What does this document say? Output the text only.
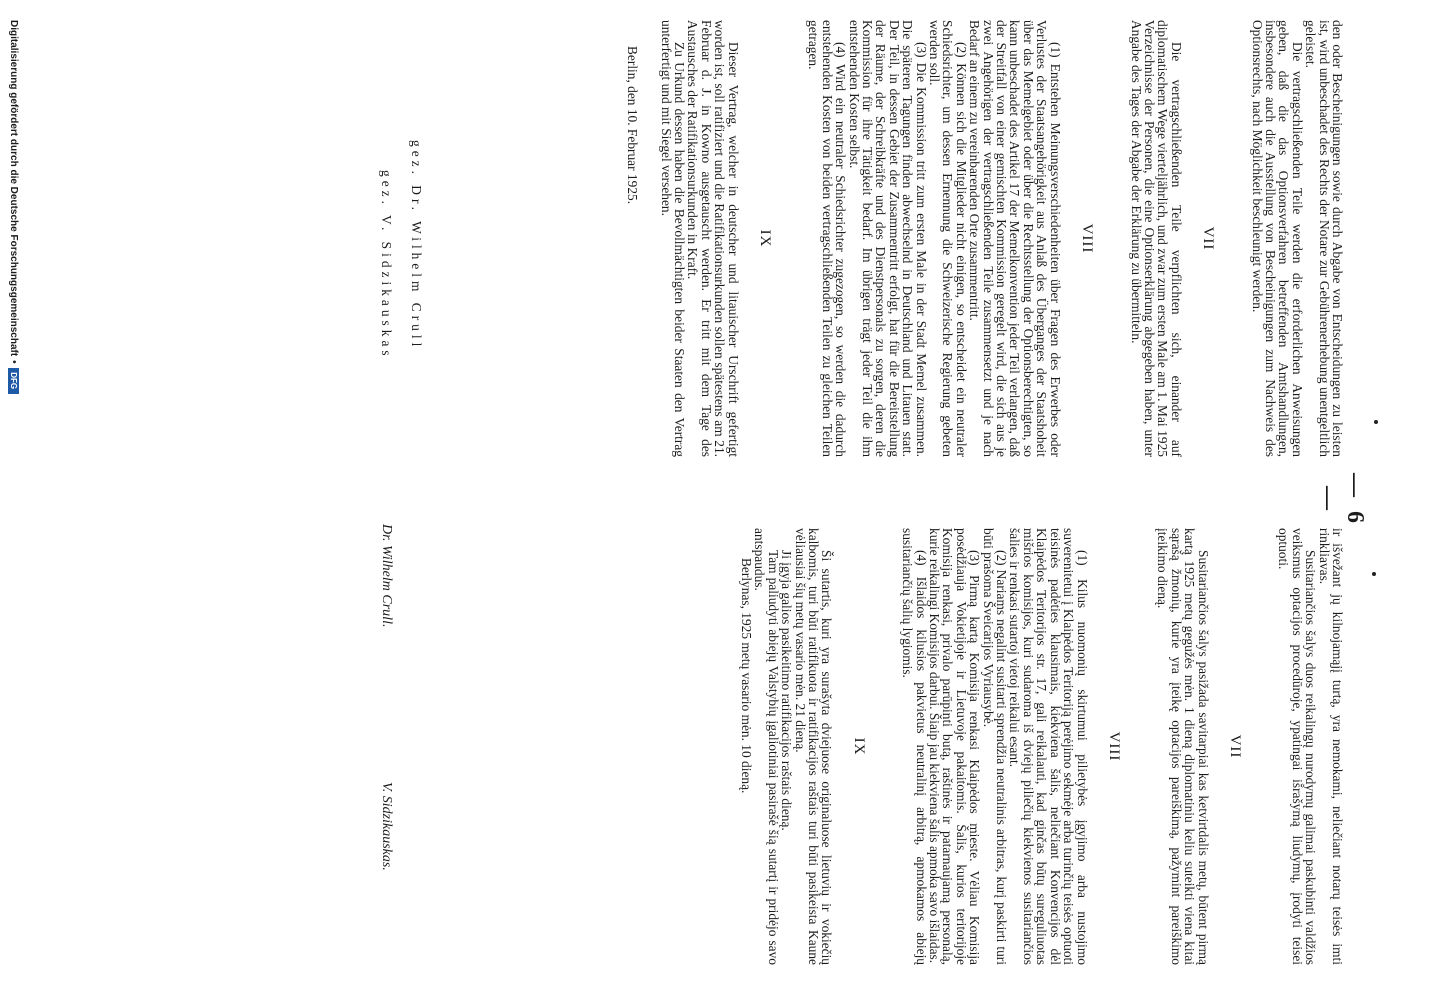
— 6 —

den oder Bescheinigungen sowie durch Abgabe von Entscheidungen zu leisten ist, wird unbeschadet des Rechts der Notare zur Gebührenerhebung unentgeltlich geleistet.

Die vertragschließenden Teile werden die erforderlichen Anweisungen geben, daß die das Optionsverfahren betreffenden Amtshandlungen, insbesondere auch die Ausstellung von Bescheinigungen zum Nachweis des Optionsrechts, nach Möglichkeit beschleunigt werden.

VII

Die vertragschließenden Teile verpflichten sich, einander auf diplomatischem Wege vierteljährlich, und zwar zum ersten Male am 1. Mai 1925 Verzeichnisse der Personen, die eine Optionserklärung abgegeben haben, unter Angabe des Tages der Abgabe der Erklärung zu übermitteln.

VIII

(1) Entstehen Meinungsverschiedenheiten über Fragen des Erwerbes oder Verlustes der Staatsangehörigkeit aus Anlaß des Überganges der Staatshoheit über das Memelgebiet oder über die Rechtsstellung der Optionsberechtigten, so kann unbeschadet des Artikel 17 der Memelkonvention jeder Teil verlangen, daß der Streitfall von einer gemischten Kommission geregelt wird, die sich aus je zwei Angehörigen der vertragschließenden Teile zusammensetzt und je nach Bedarf an einem zu vereinbarenden Orte zusammentritt.

(2) Können sich die Mitglieder nicht einigen, so entscheidet ein neutraler Schiedsrichter, um dessen Ernennung die Schweizerische Regierung gebeten werden soll.

(3) Die Kommission tritt zum ersten Male in der Stadt Memel zusammen. Die späteren Tagungen finden abwechselnd in Deutschland und Litauen statt. Der Teil, in dessen Gebiet der Zusammentritt erfolgt, hat für die Bereitstellung der Räume, der Schreibkräfte und des Dienstpersonals zu sorgen, deren die Kommission für ihre Tätigkeit bedarf. Im übrigen trägt jeder Teil die ihm entstehenden Kosten selbst.

(4) Wird ein neutraler Schiedsrichter zugezogen, so werden die dadurch entstehenden Kosten von beiden vertragschließenden Teilen zu gleichen Teilen getragen.

IX

Dieser Vertrag, welcher in deutscher und litauischer Urschrift gefertigt worden ist, soll ratifiziert und die Ratifikationsurkunden sollen spätestens am 21. Februar d. J. in Kowno ausgetauscht werden. Er tritt mit dem Tage des Austausches der Ratifikationsurkunden in Kraft.

Zu Urkund dessen haben die Bevollmächtigten beider Staaten den Vertrag unterfertigt und mit Siegel versehen.

Berlin, den 10. Februar 1925.

gez. Dr. Wilhelm Crull
gez. V. Sidzikauskas

ir išvežant jų kilnojamąjį turtą, yra nemokami, neliečiant notarų teisės imti rinkliavas.

Susitariančios šalys duos reikalingų nurodymų galimai paskubinti valdžios veiksmus optacijos procedūroje, ypatingai išrašymą liudymų, įrodyti teisei optuoti.

VII

Susitariančios šalys pasižada savitarpiai kas ketvirtdalis metų, būtent pirmą kartą 1925 metų gegužės mėn. 1 dieną diplomatiniu keliu suteikti viena kitai sąrašą žmonių, kurie yra įteikę optacijos pareiškimą, pažymint pareiškimo įteikimo dieną.

VIII

(1) Kilus nuomonių skirtumui pilietybės įgyjimo arba nustojimo suverenitetui į Klaipėdos Teritoriją perėjimo sekmėje arba turinčių teisės optuoti teisinės padėties klausimais, kiekviena šalis, neliečiant Konvencijos dėl Klaipėdos Teritorijos str. 17, gali reikalauti, kad ginčas būtų sureguliuotas mišrios komisijos, kuri sudaroma iš dviejų piliečių kiekvienos susitariančios šalies ir renkasi sutartoj vietoj reikalui esant.

(2) Nariams negalint susitarti sprendžia neutralinis arbitras, kurį paskirti turi būti prašoma Šveicarijos Vyriausybė.

(3) Pirmą kartą Komisija renkasi Klaipėdos mieste. Vėliau Komisija posėdžiauja Vokietijoje ir Lietuvoje pakaitomis. Šalis, kurios teritorijoje Komisija renkasi, privalo parūpinti butą, raštinės ir patarnaujamą personalą, kurie reikalingi Komisijos darbui. Šiaip jau kiekviena šalis apmoka savo išlaidas.

(4) Išlaidos kilusios pakvietus neutralinį arbitrą, apmokamos abiejų susitariančių šalių lygiomis.

IX

Ši sutartis, kuri yra surašyta dviejuose originaluose lietuvių ir vokiečių kalbomis, turi būti ratifikuota ir ratifikacijos raštais turi būti pasikeista Kaune vėliausiai šių metų vasario mėn. 21 dieną.

Ji įgyja galios pasikeitimo ratifikacijos raštais dieną.

Tam paliudyti abiejų Valstybių įgaliotiniai pasirašė šią sutartį ir pridėjo savo antspaudus.

Berlynas, 1925 metų vasario mėn. 10 dieną.

Dr. Wilhelm Crull.
V. Sidzikauskas.
Digitalisierung gefördert durch die Deutsche Forschungsgemeinschaft
•
DFG
